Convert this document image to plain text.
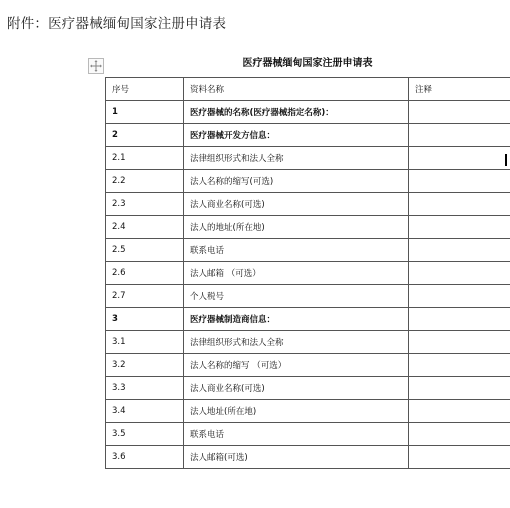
附件：医疗器械缅甸国家注册申请表
医疗器械缅甸国家注册申请表
序号	资料名称	注释
1	医疗器械的名称(医疗器械指定名称)：	
2	医疗器械开发方信息：	
2.1	法律组织形式和法人全称	
2.2	法人名称的缩写(可选)	
2.3	法人商业名称(可选)	
2.4	法人的地址(所在地)	
2.5	联系电话	
2.6	法人邮箱 （可选）	
2.7	个人税号	
3	医疗器械制造商信息：	
3.1	法律组织形式和法人全称	
3.2	法人名称的缩写 （可选）	
3.3	法人商业名称(可选)	
3.4	法人地址(所在地)	
3.5	联系电话	
3.6	法人邮箱(可选)	
